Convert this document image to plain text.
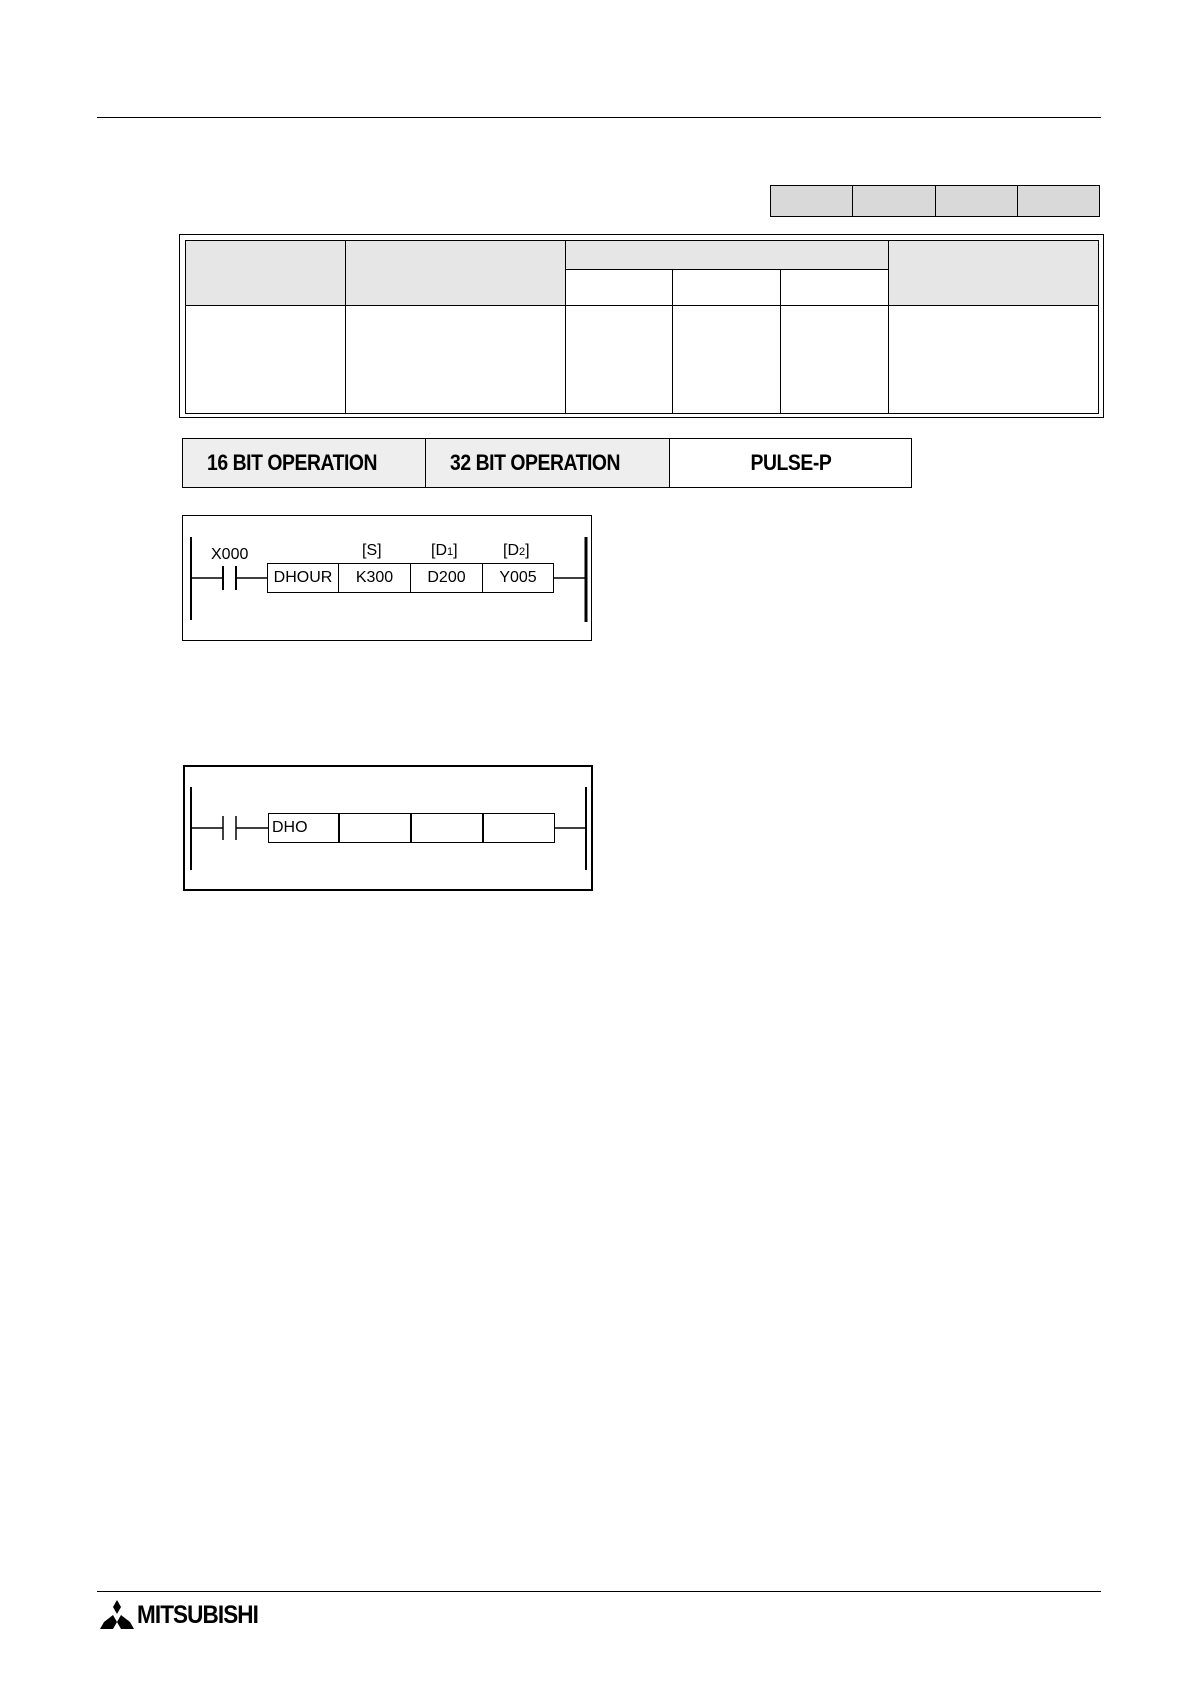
16 BIT OPERATION	32 BIT OPERATION	PULSE-P
X000	[S]	[D1]	[D2]
DHOUR	K300	D200	Y005
DHO
MITSUBISHI
